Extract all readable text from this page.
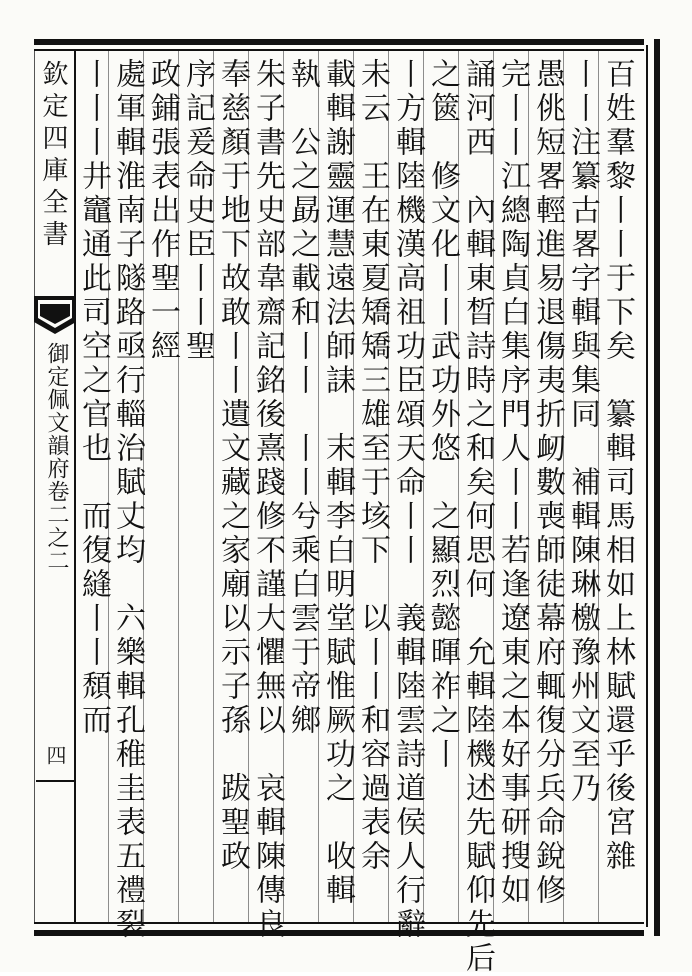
欽定四庫全書
御定佩文韻府卷二之二
四	百姓羣黎丨丨于下矣　纂輯司馬相如上林賦還乎後宮雜
丨丨注纂古畧字輯與集同　補輯陳琳檄豫州文至乃
愚佻短畧輕進易退傷夷折衂數喪師徒幕府輒復分兵命銳修
完丨丨江總陶貞白集序門人丨丨若逢遼東之本好事研搜如
誦河西　內輯東晳詩時之和矣何思何　允輯陸機述先賦仰先后
之篋　修文化丨丨武功外悠　之顯烈懿暉祚之丨
丨方輯陸機漢高祖功臣頌天命丨丨　義輯陸雲詩道侯人行辭
未云　王在東夏矯矯三雄至于垓下　以丨丨和容過表余
載輯謝靈運慧遠法師誄　末輯李白明堂賦惟厥功之　收輯
執　公之勗之載和丨丨　丨丨兮乘白雲于帝鄉
朱子書先史部韋齋記銘後熹踐修不謹大懼無以　哀輯陳傳良
奉慈顏于地下故敢丨丨遺文藏之家廟以示子孫　跋聖政
序記爰命史臣丨丨聖
政鋪張表出作聖一經
處軍輯淮南子隧路亟行輜治賦丈均　六樂輯孔稚圭表五禮裂
丨丨丨井竈通此司空之官也　而復縫丨丨頹而
